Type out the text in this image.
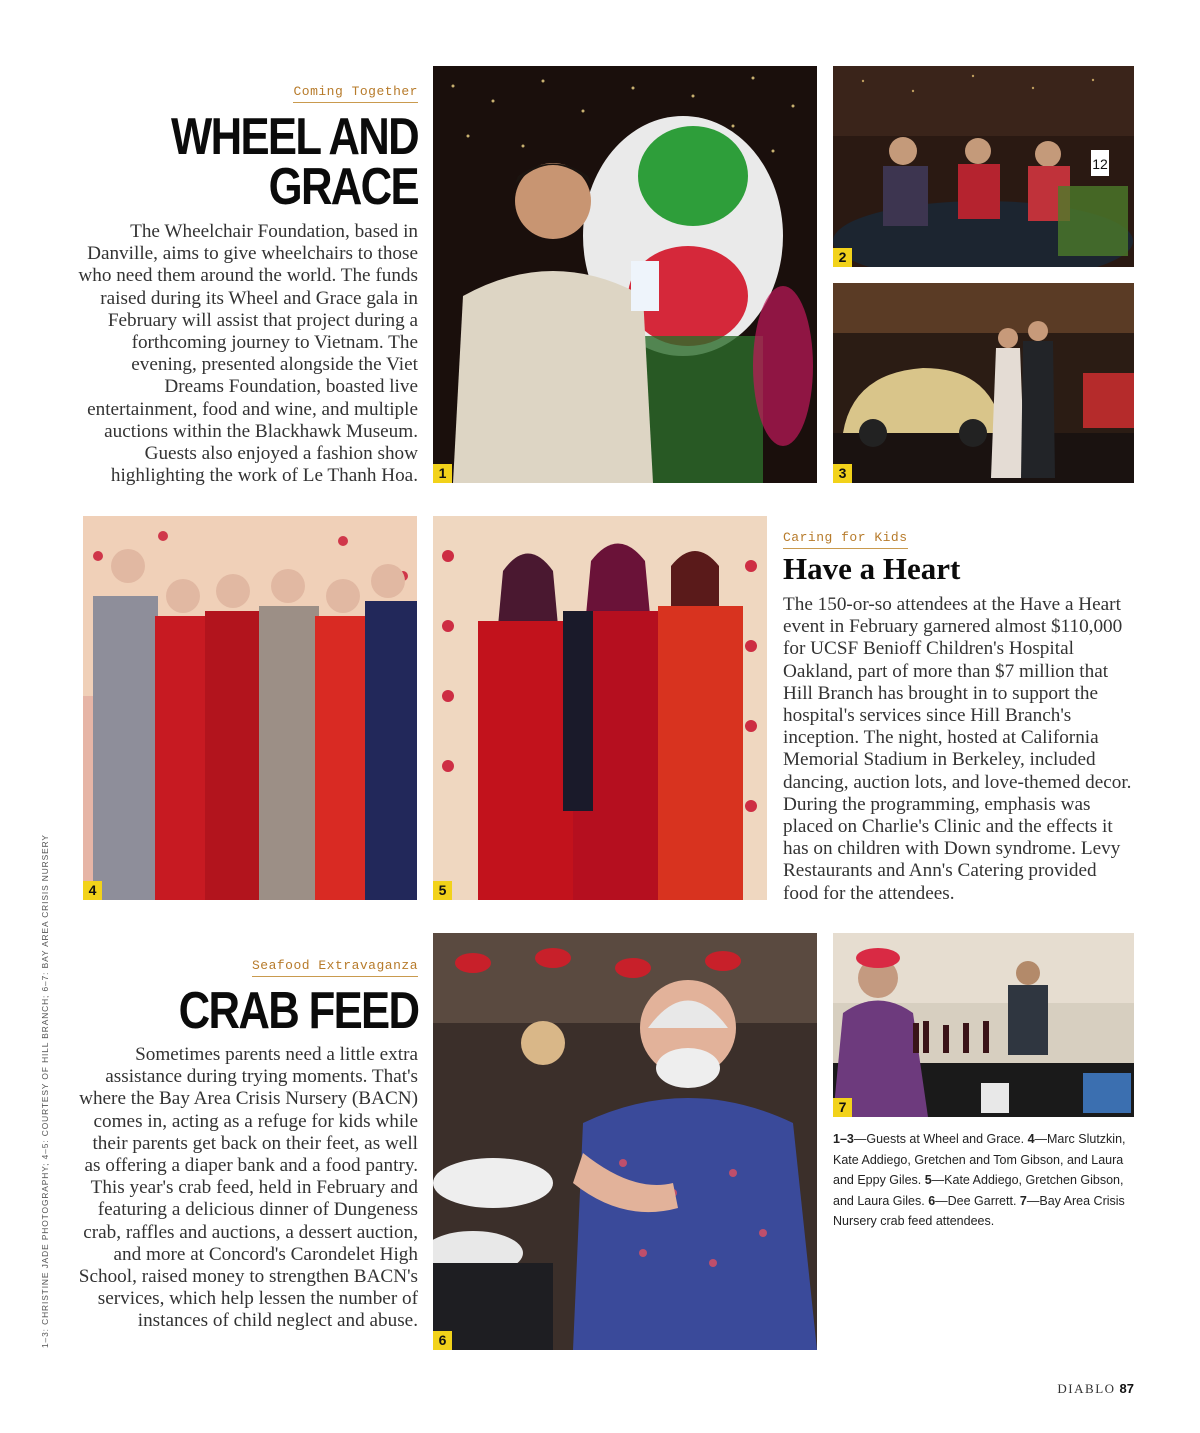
Coming Together
WHEEL AND
GRACE
The Wheelchair Foundation, based in Danville, aims to give wheelchairs to those who need them around the world. The funds raised during its Wheel and Grace gala in February will assist that project during a forthcoming journey to Vietnam. The evening, presented alongside the Viet Dreams Foundation, boasted live entertainment, food and wine, and multiple auctions within the Blackhawk Museum. Guests also enjoyed a fashion show highlighting the work of Le Thanh Hoa.	1
12
2
3
4	5
Caring for Kids
Have a Heart
The 150-or-so attendees at the Have a Heart event in February garnered almost $110,000 for UCSF Benioff Children's Hospital Oakland, part of more than $7 million that Hill Branch has brought in to support the hospital's services since Hill Branch's inception. The night, hosted at California Memorial Stadium in Berkeley, included dancing, auction lots, and love-themed decor. During the programming, emphasis was placed on Charlie's Clinic and the effects it has on children with Down syndrome. Levy Restaurants and Ann's Catering provided food for the attendees.
Seafood Extravaganza
CRAB FEED
Sometimes parents need a little extra assistance during trying moments. That's where the Bay Area Crisis Nursery (BACN) comes in, acting as a refuge for kids while their parents get back on their feet, as well as offering a diaper bank and a food pantry. This year's crab feed, held in February and featuring a delicious dinner of Dungeness crab, raffles and auctions, a dessert auction, and more at Concord's Carondelet High School, raised money to strengthen BACN's services, which help lessen the number of instances of child neglect and abuse.
6
7
1–3—Guests at Wheel and Grace. 4—Marc Slutzkin, Kate Addiego, Gretchen and Tom Gibson, and Laura and Eppy Giles. 5—Kate Addiego, Gretchen Gibson, and Laura Giles. 6—Dee Garrett. 7—Bay Area Crisis Nursery crab feed attendees.
1–3: CHRISTINE JADE PHOTOGRAPHY; 4–5: COURTESY OF HILL BRANCH; 6–7: BAY AREA CRISIS NURSERY
DIABLO 87
